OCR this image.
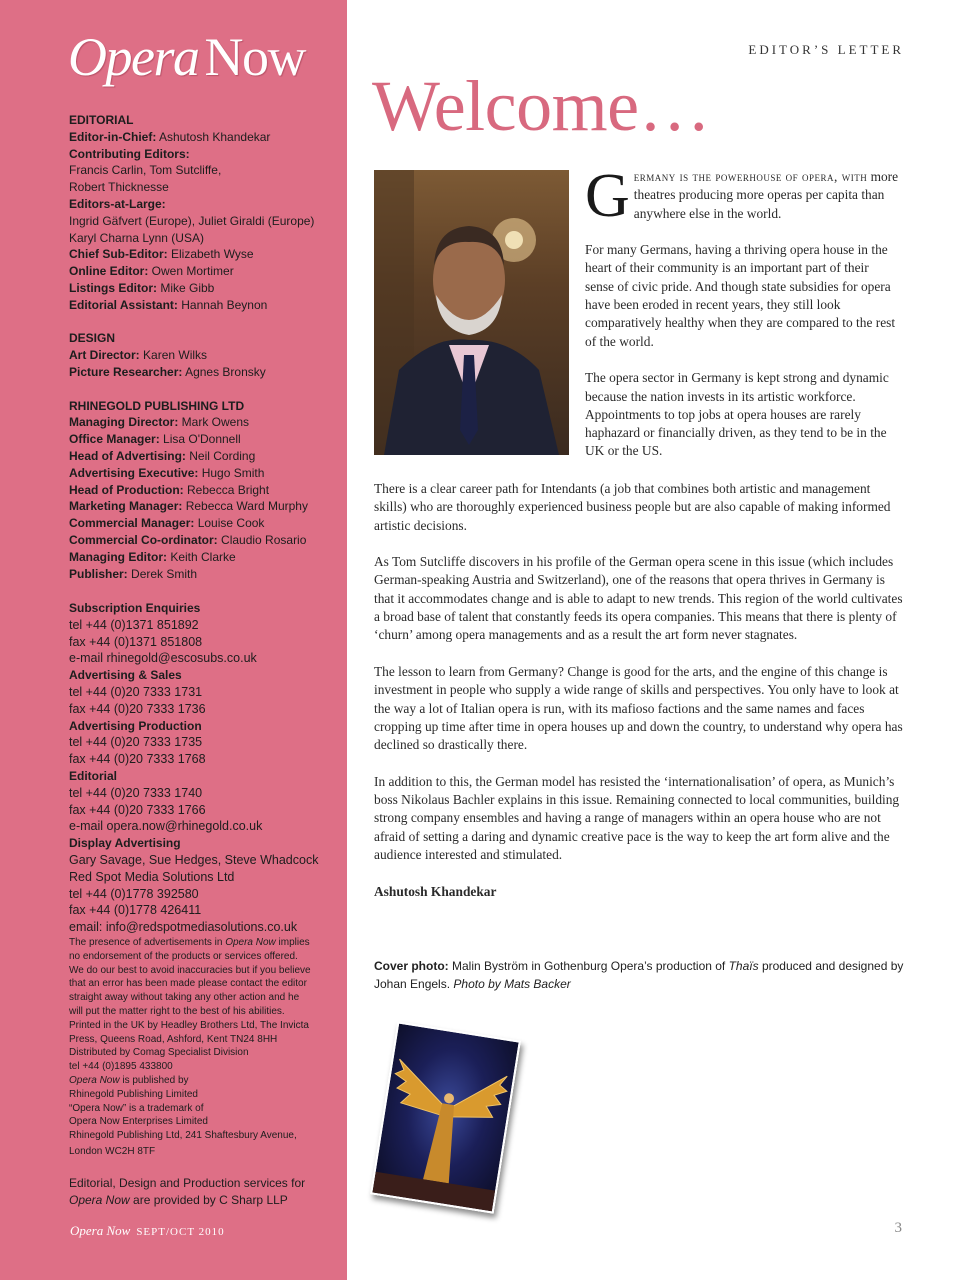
Opera Now
EDITORIAL
Editor-in-Chief: Ashutosh Khandekar
Contributing Editors:
Francis Carlin, Tom Sutcliffe,
Robert Thicknesse
Editors-at-Large:
Ingrid Gäfvert (Europe), Juliet Giraldi (Europe)
Karyl Charna Lynn (USA)
Chief Sub-Editor: Elizabeth Wyse
Online Editor: Owen Mortimer
Listings Editor: Mike Gibb
Editorial Assistant: Hannah Beynon
DESIGN
Art Director: Karen Wilks
Picture Researcher: Agnes Bronsky
RHINEGOLD PUBLISHING LTD
Managing Director: Mark Owens
Office Manager: Lisa O'Donnell
Head of Advertising: Neil Cording
Advertising Executive: Hugo Smith
Head of Production: Rebecca Bright
Marketing Manager: Rebecca Ward Murphy
Commercial Manager: Louise Cook
Commercial Co-ordinator: Claudio Rosario
Managing Editor: Keith Clarke
Publisher: Derek Smith
Subscription Enquiries
tel +44 (0)1371 851892
fax +44 (0)1371 851808
e-mail rhinegold@escosubs.co.uk
Advertising & Sales
tel +44 (0)20 7333 1731
fax +44 (0)20 7333 1736
Advertising Production
tel +44 (0)20 7333 1735
fax +44 (0)20 7333 1768
Editorial
tel +44 (0)20 7333 1740
fax +44 (0)20 7333 1766
e-mail opera.now@rhinegold.co.uk
Display Advertising
Gary Savage, Sue Hedges, Steve Whadcock
Red Spot Media Solutions Ltd
tel +44 (0)1778 392580
fax +44 (0)1778 426411
email: info@redspotmediasolutions.co.uk
The presence of advertisements in Opera Now implies
no endorsement of the products or services offered.
We do our best to avoid inaccuracies but if you believe
that an error has been made please contact the editor
straight away without taking any other action and he
will put the matter right to the best of his abilities.
Printed in the UK by Headley Brothers Ltd, The Invicta
Press, Queens Road, Ashford, Kent TN24 8HH
Distributed by Comag Specialist Division
tel +44 (0)1895 433800
Opera Now is published by
Rhinegold Publishing Limited
“Opera Now” is a trademark of
Opera Now Enterprises Limited
Rhinegold Publishing Ltd, 241 Shaftesbury Avenue,
London WC2H 8TF
Editorial, Design and Production services for
Opera Now are provided by C Sharp LLP
Opera Now SEPT/OCT 2010
EDITOR’S LETTER
Welcome…
Germany is the powerhouse of opera, with more theatres producing more operas per capita than anywhere else in the world.
For many Germans, having a thriving opera house in the heart of their community is an important part of their sense of civic pride. And though state subsidies for opera have been eroded in recent years, they still look comparatively healthy when they are compared to the rest of the world.
The opera sector in Germany is kept strong and dynamic because the nation invests in its artistic workforce. Appointments to top jobs at opera houses are rarely haphazard or financially driven, as they tend to be in the UK or the US.
There is a clear career path for Intendants (a job that combines both artistic and management skills) who are thoroughly experienced business people but are also capable of making informed artistic decisions.
As Tom Sutcliffe discovers in his profile of the German opera scene in this issue (which includes German-speaking Austria and Switzerland), one of the reasons that opera thrives in Germany is that it accommodates change and is able to adapt to new trends. This region of the world cultivates a broad base of talent that constantly feeds its opera companies. This means that there is plenty of ‘churn’ among opera managements and as a result the art form never stagnates.
The lesson to learn from Germany? Change is good for the arts, and the engine of this change is investment in people who supply a wide range of skills and perspectives. You only have to look at the way a lot of Italian opera is run, with its mafioso factions and the same names and faces cropping up time after time in opera houses up and down the country, to understand why opera has declined so drastically there.
In addition to this, the German model has resisted the ‘internationalisation’ of opera, as Munich’s boss Nikolaus Bachler explains in this issue. Remaining connected to local communities, building strong company ensembles and having a range of managers within an opera house who are not afraid of setting a daring and dynamic creative pace is the way to keep the art form alive and the audience interested and stimulated.
Ashutosh Khandekar
Cover photo: Malin Byström in Gothenburg Opera’s production of Thaïs produced and designed by Johan Engels. Photo by Mats Backer
3
